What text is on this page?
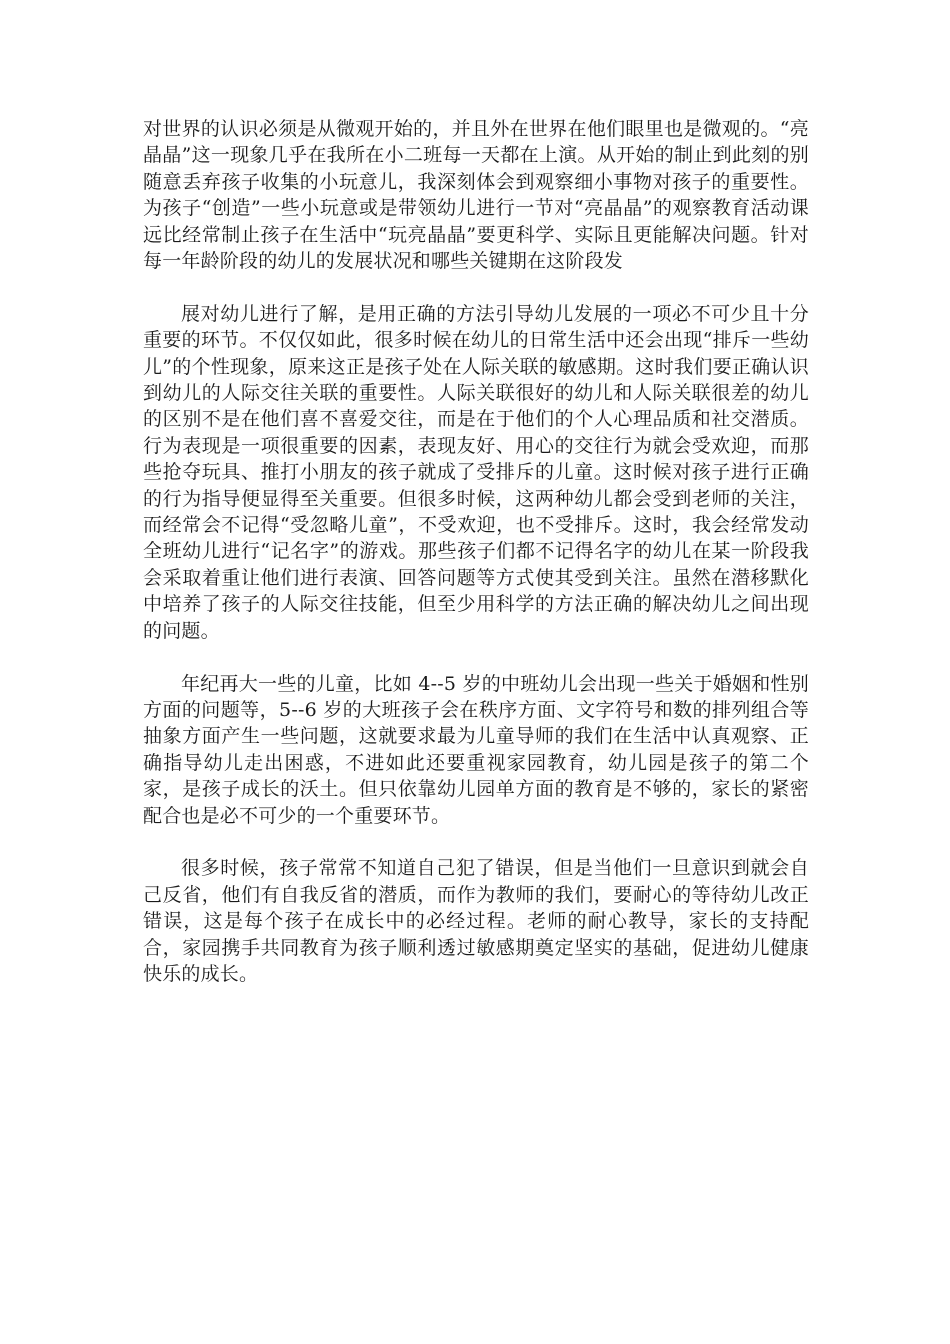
对世界的认识必须是从微观开始的，并且外在世界在他们眼里也是微观的。“亮晶晶”这一现象几乎在我所在小二班每一天都在上演。从开始的制止到此刻的别随意丢弃孩子收集的小玩意儿，我深刻体会到观察细小事物对孩子的重要性。为孩子“创造”一些小玩意或是带领幼儿进行一节对“亮晶晶”的观察教育活动课远比经常制止孩子在生活中“玩亮晶晶”要更科学、实际且更能解决问题。针对每一年龄阶段的幼儿的发展状况和哪些关键期在这阶段发

展对幼儿进行了解，是用正确的方法引导幼儿发展的一项必不可少且十分重要的环节。不仅仅如此，很多时候在幼儿的日常生活中还会出现“排斥一些幼儿”的个性现象，原来这正是孩子处在人际关联的敏感期。这时我们要正确认识到幼儿的人际交往关联的重要性。人际关联很好的幼儿和人际关联很差的幼儿的区别不是在他们喜不喜爱交往，而是在于他们的个人心理品质和社交潜质。行为表现是一项很重要的因素，表现友好、用心的交往行为就会受欢迎，而那些抢夺玩具、推打小朋友的孩子就成了受排斥的儿童。这时候对孩子进行正确的行为指导便显得至关重要。但很多时候，这两种幼儿都会受到老师的关注，而经常会不记得“受忽略儿童”，不受欢迎，也不受排斥。这时，我会经常发动全班幼儿进行“记名字”的游戏。那些孩子们都不记得名字的幼儿在某一阶段我会采取着重让他们进行表演、回答问题等方式使其受到关注。虽然在潜移默化中培养了孩子的人际交往技能，但至少用科学的方法正确的解决幼儿之间出现的问题。

年纪再大一些的儿童，比如 4--5 岁的中班幼儿会出现一些关于婚姻和性别方面的问题等，5--6 岁的大班孩子会在秩序方面、文字符号和数的排列组合等抽象方面产生一些问题，这就要求最为儿童导师的我们在生活中认真观察、正确指导幼儿走出困惑，不进如此还要重视家园教育，幼儿园是孩子的第二个家，是孩子成长的沃土。但只依靠幼儿园单方面的教育是不够的，家长的紧密配合也是必不可少的一个重要环节。

很多时候，孩子常常不知道自己犯了错误，但是当他们一旦意识到就会自己反省，他们有自我反省的潜质，而作为教师的我们，要耐心的等待幼儿改正错误，这是每个孩子在成长中的必经过程。老师的耐心教导，家长的支持配合，家园携手共同教育为孩子顺利透过敏感期奠定坚实的基础，促进幼儿健康快乐的成长。
